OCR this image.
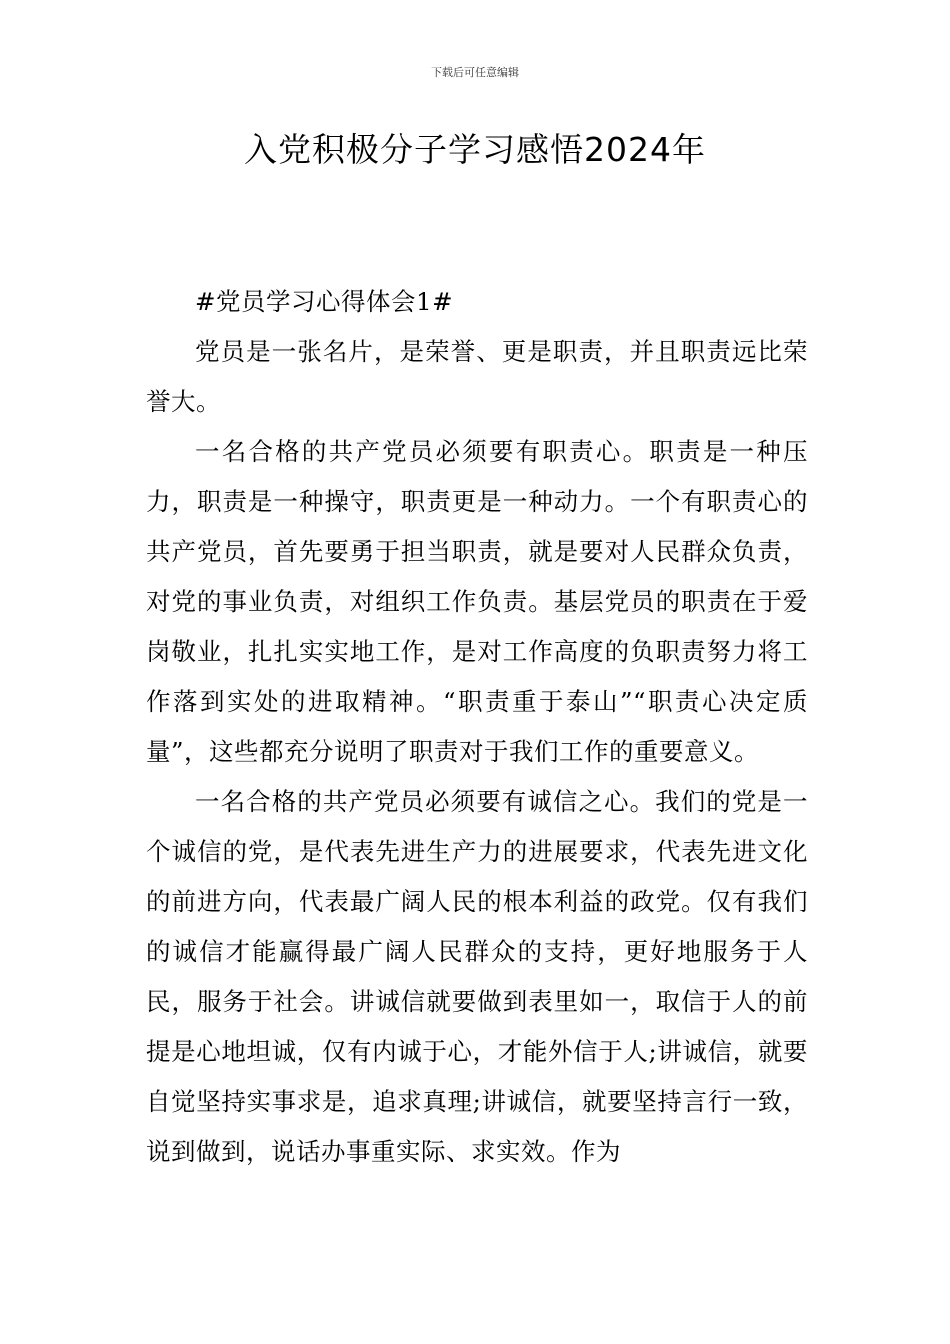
下载后可任意编辑
入党积极分子学习感悟2024年

#党员学习心得体会1#

党员是一张名片，是荣誉、更是职责，并且职责远比荣誉大。

一名合格的共产党员必须要有职责心。职责是一种压力，职责是一种操守，职责更是一种动力。一个有职责心的共产党员，首先要勇于担当职责，就是要对人民群众负责，对党的事业负责，对组织工作负责。基层党员的职责在于爱岗敬业，扎扎实实地工作，是对工作高度的负职责努力将工作落到实处的进取精神。“职责重于泰山”“职责心决定质量”，这些都充分说明了职责对于我们工作的重要意义。

一名合格的共产党员必须要有诚信之心。我们的党是一个诚信的党，是代表先进生产力的进展要求，代表先进文化的前进方向，代表最广阔人民的根本利益的政党。仅有我们的诚信才能赢得最广阔人民群众的支持，更好地服务于人民，服务于社会。讲诚信就要做到表里如一，取信于人的前提是心地坦诚，仅有内诚于心，才能外信于人;讲诚信，就要自觉坚持实事求是，追求真理;讲诚信，就要坚持言行一致，说到做到，说话办事重实际、求实效。作为
